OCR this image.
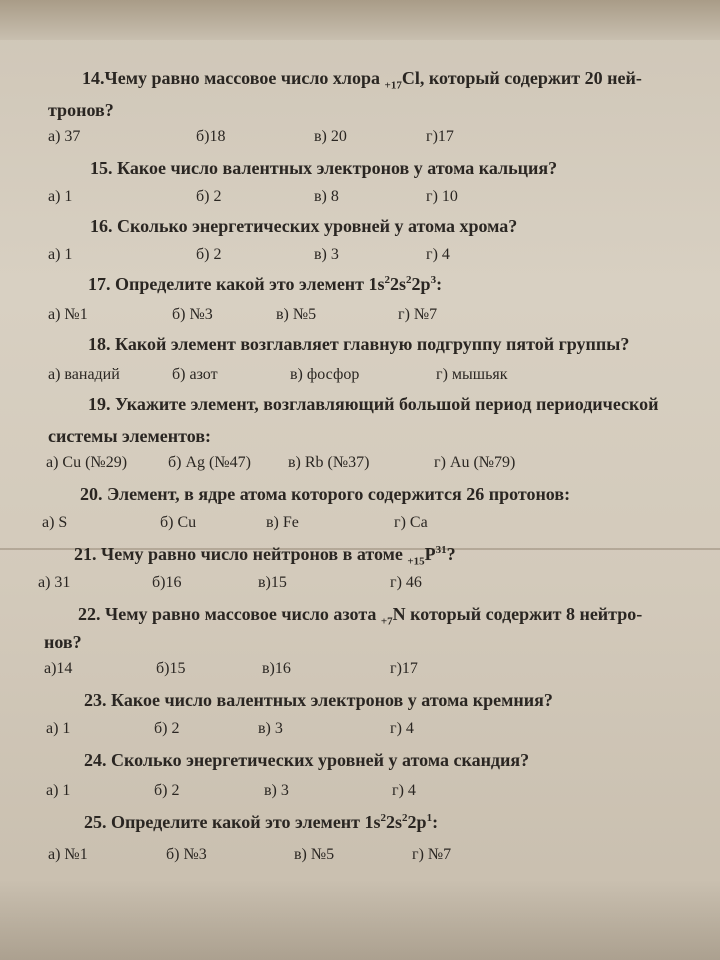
14.Чему равно массовое число хлора $_{+17}$Cl, который содержит 20 ней-
тронов?
а) 37	б)18	в) 20	г)17
15. Какое число валентных электронов у атома кальция?
а) 1	б) 2	в) 8	г) 10
16. Сколько энергетических уровней у атома хрома?
а) 1	б) 2	в) 3	г) 4
17. Определите какой это элемент $1s^22s^22p^3$:
а) №1	б) №3	в) №5	г) №7
18. Какой элемент возглавляет главную подгруппу пятой группы?
а) ванадий	б) азот	в) фосфор	г) мышьяк
19. Укажите элемент, возглавляющий большой период периодической
системы элементов:
а) Cu (№29)	б) Ag (№47) в) Rb (№37)	г) Au (№79)
20. Элемент, в ядре атома которого содержится 26 протонов:
а) S	б) Cu	в) Fe	г) Ca
21. Чему равно число нейтронов в атоме $_{+15}P^{31}$?
а) 31	б)16	в)15	г) 46
22. Чему равно массовое число азота $_{+7}$N который содержит 8 нейтро-
нов?
а)14	б)15	в)16	г)17
23. Какое число валентных электронов у атома кремния?
а) 1	б) 2	в) 3	г) 4
24. Сколько энергетических уровней у атома скандия?
а) 1	б) 2	в) 3	г) 4
25. Определите какой это элемент $1s^22s^22p^1$:
а) №1	б) №3	в) №5	г) №7
